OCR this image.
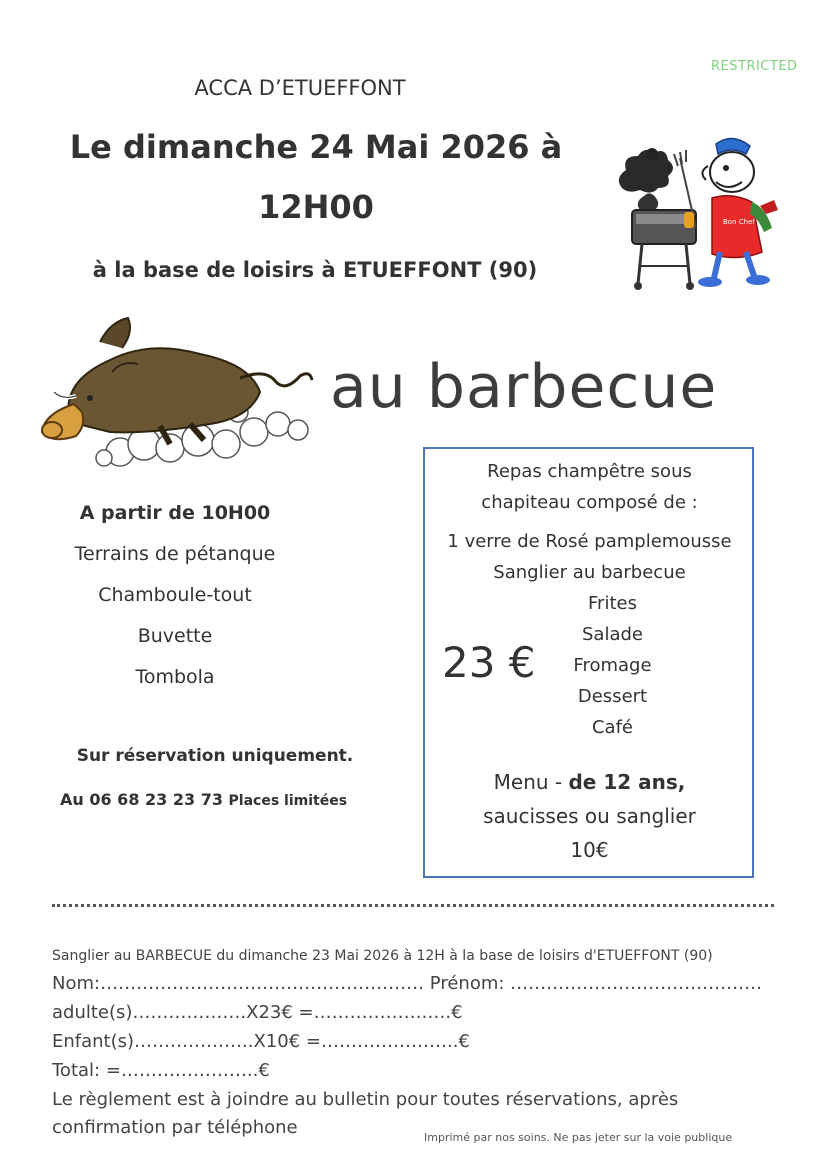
RESTRICTED
ACCA D’ETUEFFONT
Le dimanche 24 Mai 2026 à
12H00
à la base de loisirs à ETUEFFONT (90)
Bon Chef
au barbecue
A partir de 10H00
Terrains de pétanque
Chamboule-tout
Buvette
Tombola
Sur réservation uniquement.
Au 06 68 23 23 73 Places limitées
Repas champêtre sous
chapiteau composé de :
1 verre de Rosé pamplemousse
Sanglier au barbecue
Frites
Salade
Fromage
Dessert
Café
23 €
Menu - de 12 ans,
saucisses ou sanglier
10€
Sanglier au BARBECUE du dimanche 23 Mai 2026 à 12H à la base de loisirs d'ETUEFFONT (90)
Nom:……………………………………………… Prénom: ……………………………………
adulte(s)……………….X23€ =……………….….€
Enfant(s)………………..X10€ =…………………..€
Total: =…………………..€
Le règlement est à joindre au bulletin pour toutes réservations, après
confirmation par téléphone	Imprimé par nos soins. Ne pas jeter sur la voie publique
